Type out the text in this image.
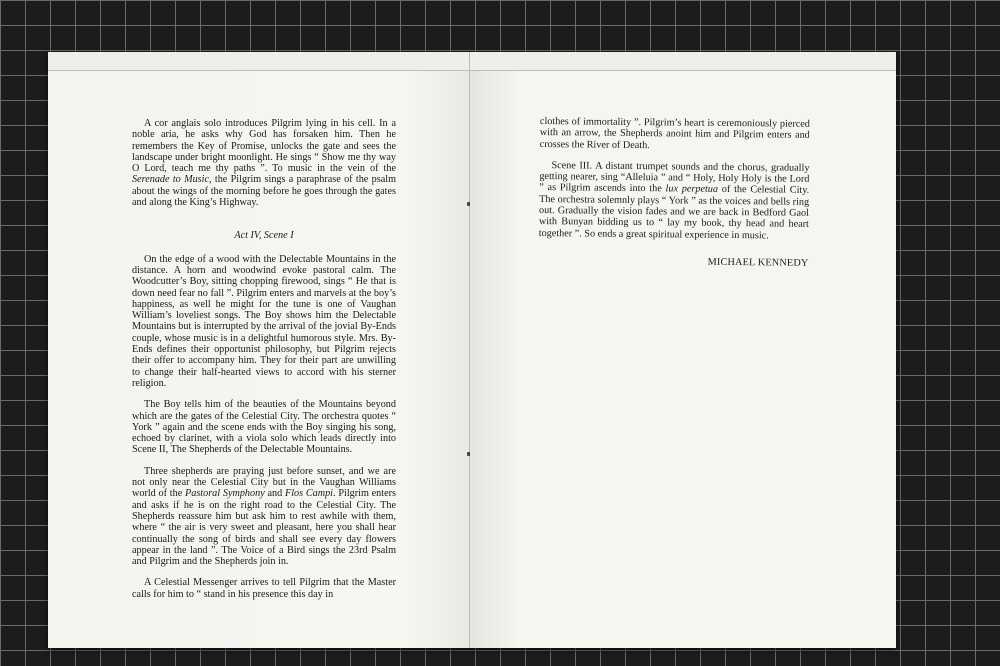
A cor anglais solo introduces Pilgrim lying in his cell. In a noble aria, he asks why God has forsaken him. Then he remembers the Key of Promise, unlocks the gate and sees the landscape under bright moonlight. He sings “ Show me thy way O Lord, teach me thy paths ”. To music in the vein of the Serenade to Music, the Pilgrim sings a paraphrase of the psalm about the wings of the morning before he goes through the gates and along the King’s Highway.

Act IV, Scene I

On the edge of a wood with the Delectable Mountains in the distance. A horn and woodwind evoke pastoral calm. The Woodcutter’s Boy, sitting chopping firewood, sings “ He that is down need fear no fall ”. Pilgrim enters and marvels at the boy’s happiness, as well he might for the tune is one of Vaughan William’s loveliest songs. The Boy shows him the Delectable Mountains but is interrupted by the arrival of the jovial By-Ends couple, whose music is in a delightful humorous style. Mrs. By-Ends defines their opportunist philosophy, but Pilgrim rejects their offer to accompany him. They for their part are unwilling to change their half-hearted views to accord with his sterner religion.

The Boy tells him of the beauties of the Mountains beyond which are the gates of the Celestial City. The orchestra quotes “ York ” again and the scene ends with the Boy singing his song, echoed by clarinet, with a viola solo which leads directly into Scene II, The Shepherds of the Delectable Mountains.

Three shepherds are praying just before sunset, and we are not only near the Celestial City but in the Vaughan Williams world of the Pastoral Symphony and Flos Campi. Pilgrim enters and asks if he is on the right road to the Celestial City. The Shepherds reassure him but ask him to rest awhile with them, where “ the air is very sweet and pleasant, here you shall hear continually the song of birds and shall see every day flowers appear in the land ”. The Voice of a Bird sings the 23rd Psalm and Pilgrim and the Shepherds join in.

A Celestial Messenger arrives to tell Pilgrim that the Master calls for him to “ stand in his presence this day in

clothes of immortality ”. Pilgrim’s heart is ceremoniously pierced with an arrow, the Shepherds anoint him and Pilgrim enters and crosses the River of Death.

Scene III. A distant trumpet sounds and the chorus, gradually getting nearer, sing “Alleluia ” and “ Holy, Holy Holy is the Lord ” as Pilgrim ascends into the lux perpetua of the Celestial City. The orchestra solemnly plays “ York ” as the voices and bells ring out. Gradually the vision fades and we are back in Bedford Gaol with Bunyan bidding us to “ lay my book, thy head and heart together ”. So ends a great spiritual experience in music.

MICHAEL KENNEDY
